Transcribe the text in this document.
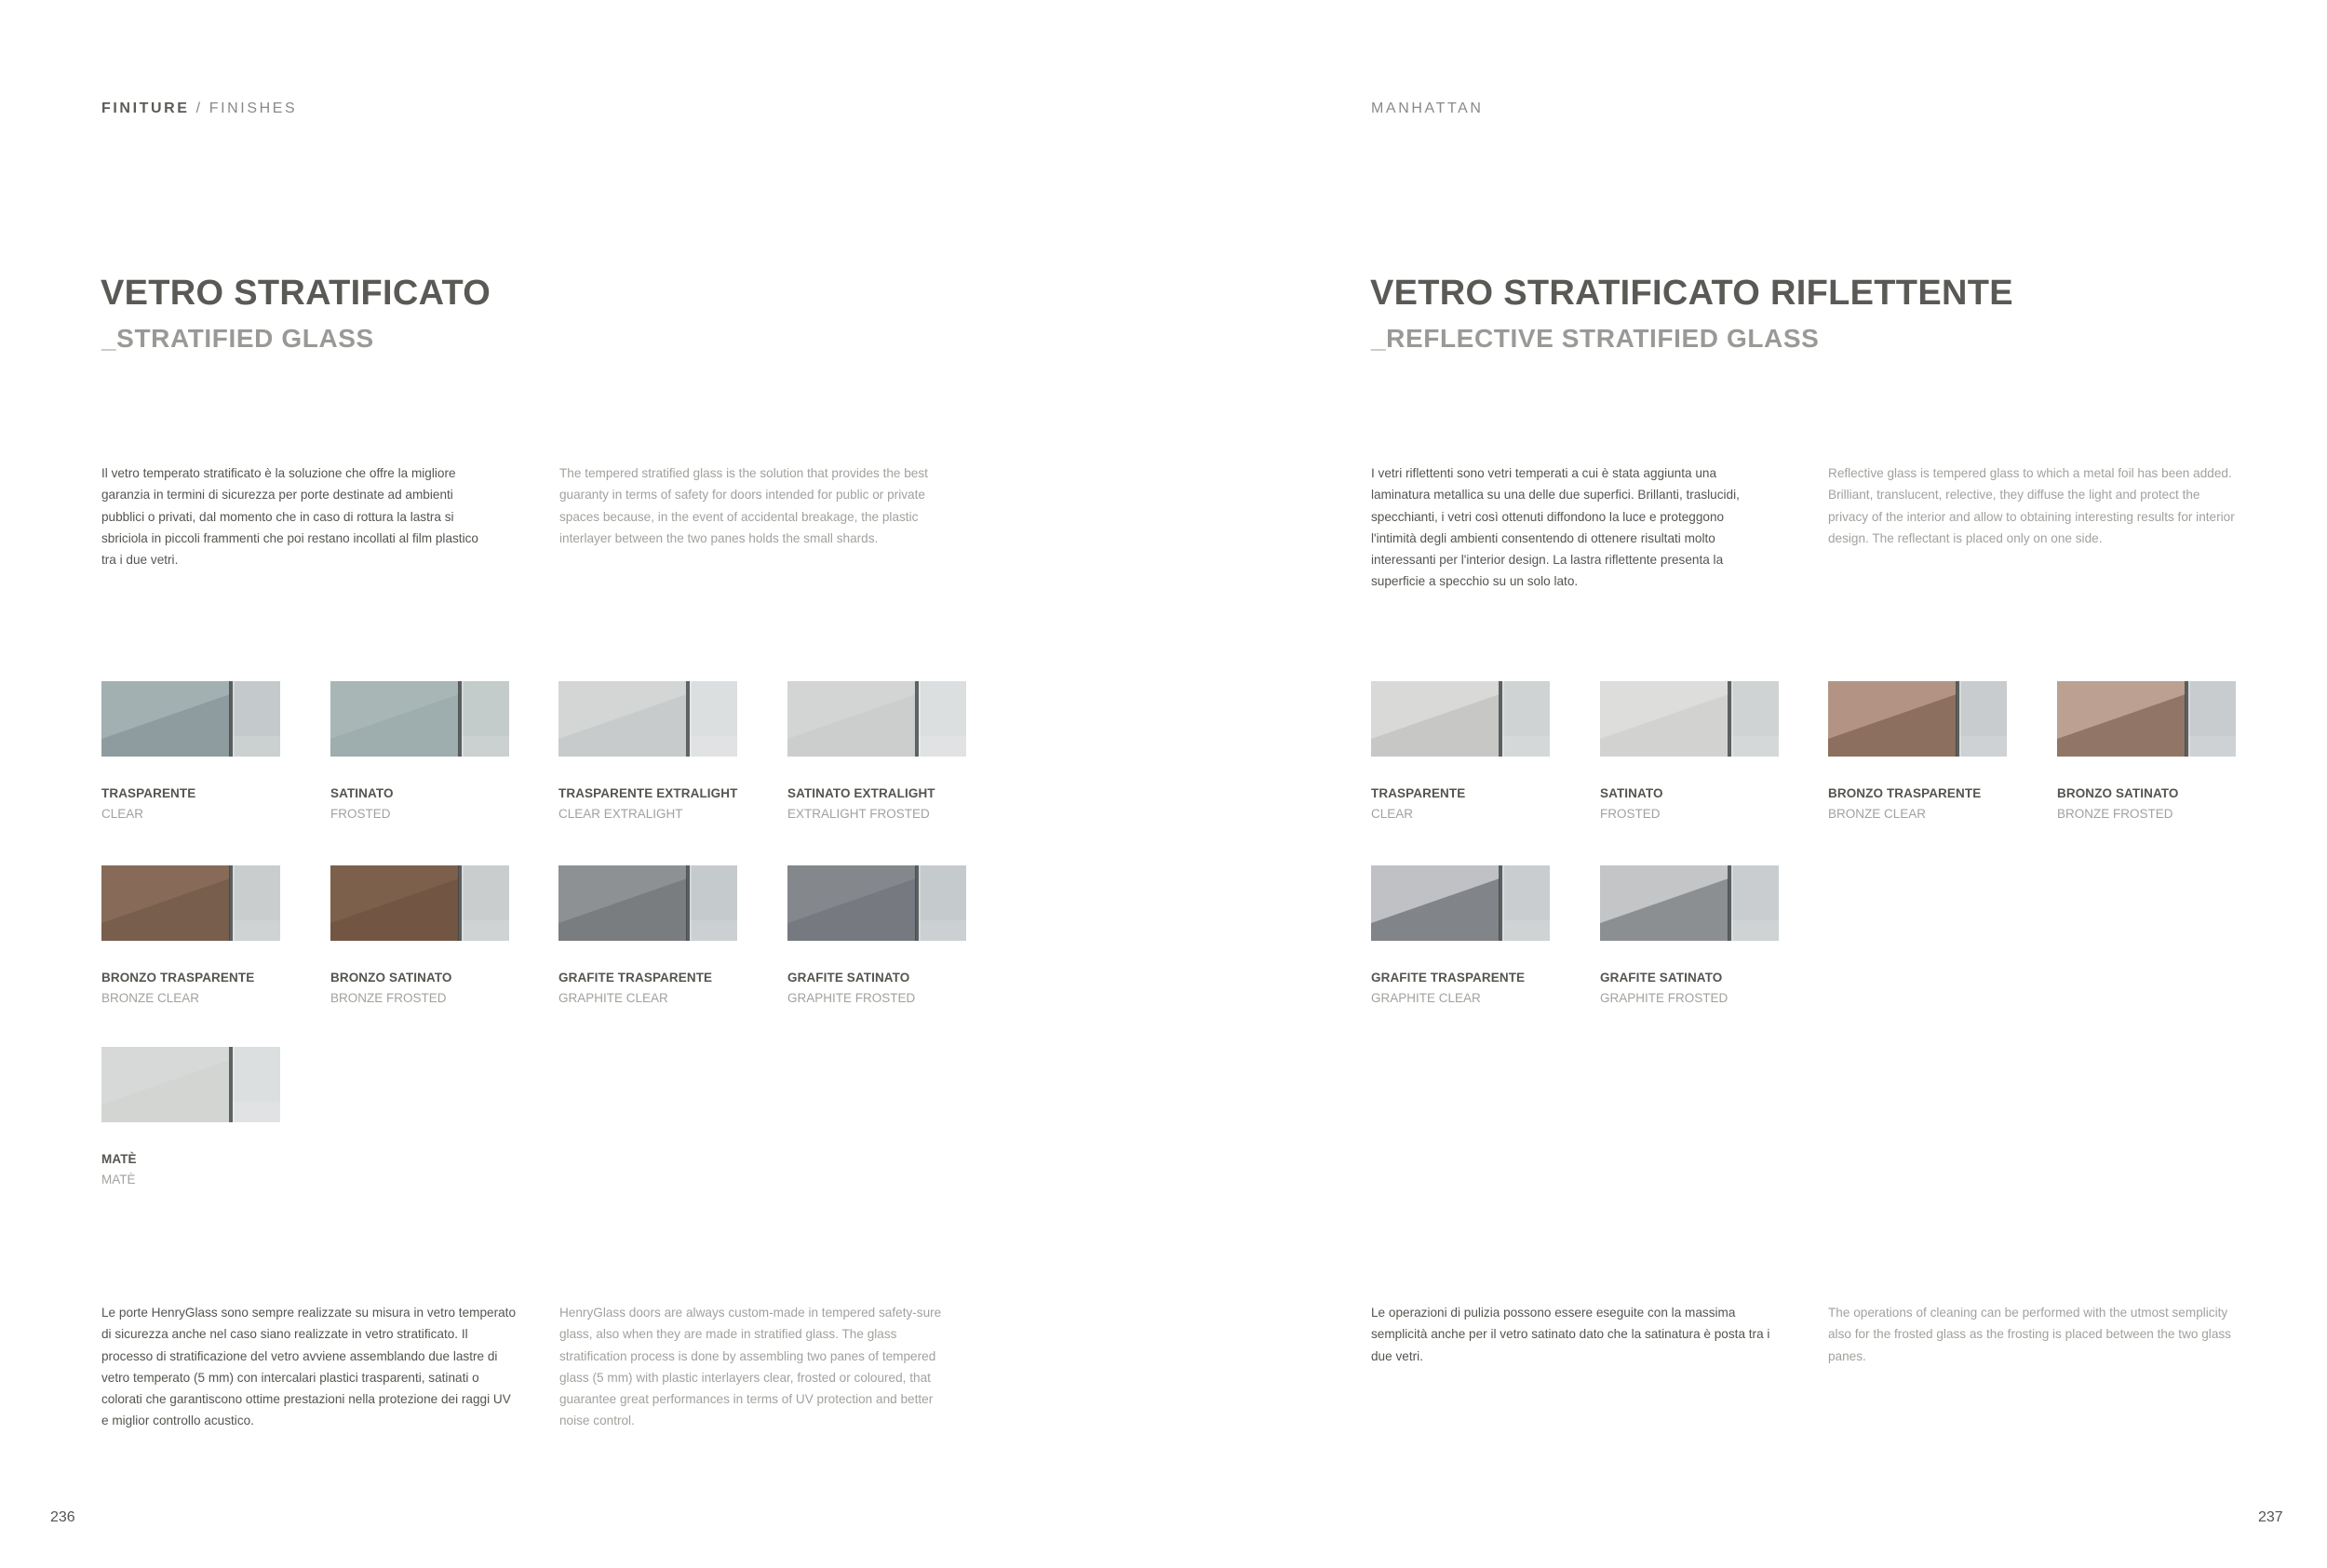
FINITURE / FINISHES
VETRO STRATIFICATO
_STRATIFIED GLASS

Il vetro temperato stratificato è la soluzione che offre la migliore garanzia in termini di sicurezza per porte destinate ad ambienti pubblici o privati, dal momento che in caso di rottura la lastra si sbriciola in piccoli frammenti che poi restano incollati al film plastico tra i due vetri.

The tempered stratified glass is the solution that provides the best guaranty in terms of safety for doors intended for public or private spaces because, in the event of accidental breakage, the plastic interlayer between the two panes holds the small shards.

TRASPARENTE
CLEAR
SATINATO
FROSTED
TRASPARENTE EXTRALIGHT
CLEAR EXTRALIGHT
SATINATO EXTRALIGHT
EXTRALIGHT FROSTED
BRONZO TRASPARENTE
BRONZE CLEAR
BRONZO SATINATO
BRONZE FROSTED
GRAFITE TRASPARENTE
GRAPHITE CLEAR
GRAFITE SATINATO
GRAPHITE FROSTED
MATÈ
MATÈ

Le porte HenryGlass sono sempre realizzate su misura in vetro temperato di sicurezza anche nel caso siano realizzate in vetro stratificato. Il processo di stratificazione del vetro avviene assemblando due lastre di vetro temperato (5 mm) con intercalari plastici trasparenti, satinati o colorati che garantiscono ottime prestazioni nella protezione dei raggi UV e miglior controllo acustico.

HenryGlass doors are always custom-made in tempered safety-sure glass, also when they are made in stratified glass. The glass stratification process is done by assembling two panes of tempered glass (5 mm) with plastic interlayers clear, frosted or coloured, that guarantee great performances in terms of UV protection and better noise control.

236
MANHATTAN
VETRO STRATIFICATO RIFLETTENTE
_REFLECTIVE STRATIFIED GLASS

I vetri riflettenti sono vetri temperati a cui è stata aggiunta una laminatura metallica su una delle due superfici. Brillanti, traslucidi, specchianti, i vetri così ottenuti diffondono la luce e proteggono l'intimità degli ambienti consentendo di ottenere risultati molto interessanti per l'interior design. La lastra riflettente presenta la superficie a specchio su un solo lato.

Reflective glass is tempered glass to which a metal foil has been added. Brilliant, translucent, relective, they diffuse the light and protect the privacy of the interior and allow to obtaining interesting results for interior design. The reflectant is placed only on one side.

TRASPARENTE
CLEAR
SATINATO
FROSTED
BRONZO TRASPARENTE
BRONZE CLEAR
BRONZO SATINATO
BRONZE FROSTED
GRAFITE TRASPARENTE
GRAPHITE CLEAR
GRAFITE SATINATO
GRAPHITE FROSTED

Le operazioni di pulizia possono essere eseguite con la massima semplicità anche per il vetro satinato dato che la satinatura è posta tra i due vetri.

The operations of cleaning can be performed with the utmost semplicity also for the frosted glass as the frosting is placed between the two glass panes.

237
